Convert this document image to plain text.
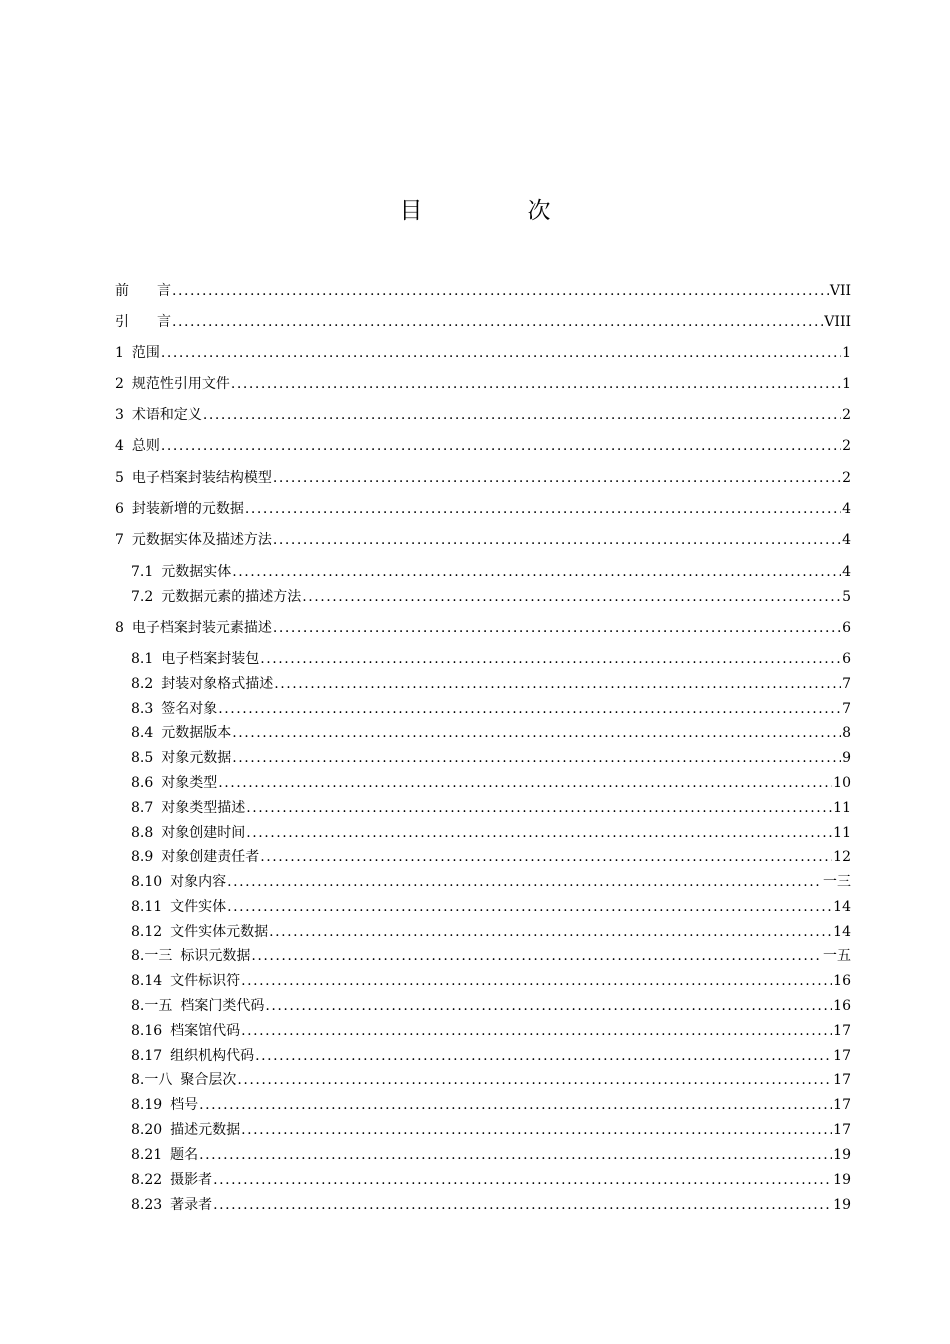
目	次
前　　言 .....	VII
引　　言 .....	VIII
1 范围 .....	1
2 规范性引用文件 .....	1
3 术语和定义 .....	2
4 总则 .....	2
5 电子档案封装结构模型 .....	2
6 封装新增的元数据 .....	4
7 元数据实体及描述方法 .....	4
7.1 元数据实体 .....	4
7.2 元数据元素的描述方法 .....	5
8 电子档案封装元素描述 .....	6
8.1 电子档案封装包 .....	6
8.2 封装对象格式描述 .....	7
8.3 签名对象 .....	7
8.4 元数据版本 .....	8
8.5 对象元数据 .....	9
8.6 对象类型 .....	10
8.7 对象类型描述 .....	11
8.8 对象创建时间 .....	11
8.9 对象创建责任者 .....	12
8.10 对象内容 .....	一三
8.11 文件实体 .....	14
8.12 文件实体元数据 .....	14
8.一三 标识元数据 .....	一五
8.14 文件标识符 .....	16
8.一五 档案门类代码 .....	16
8.16 档案馆代码 .....	17
8.17 组织机构代码 .....	17
8.一八 聚合层次 .....	17
8.19 档号 .....	17
8.20 描述元数据 .....	17
8.21 题名 .....	19
8.22 摄影者 .....	19
8.23 著录者 .....	19
